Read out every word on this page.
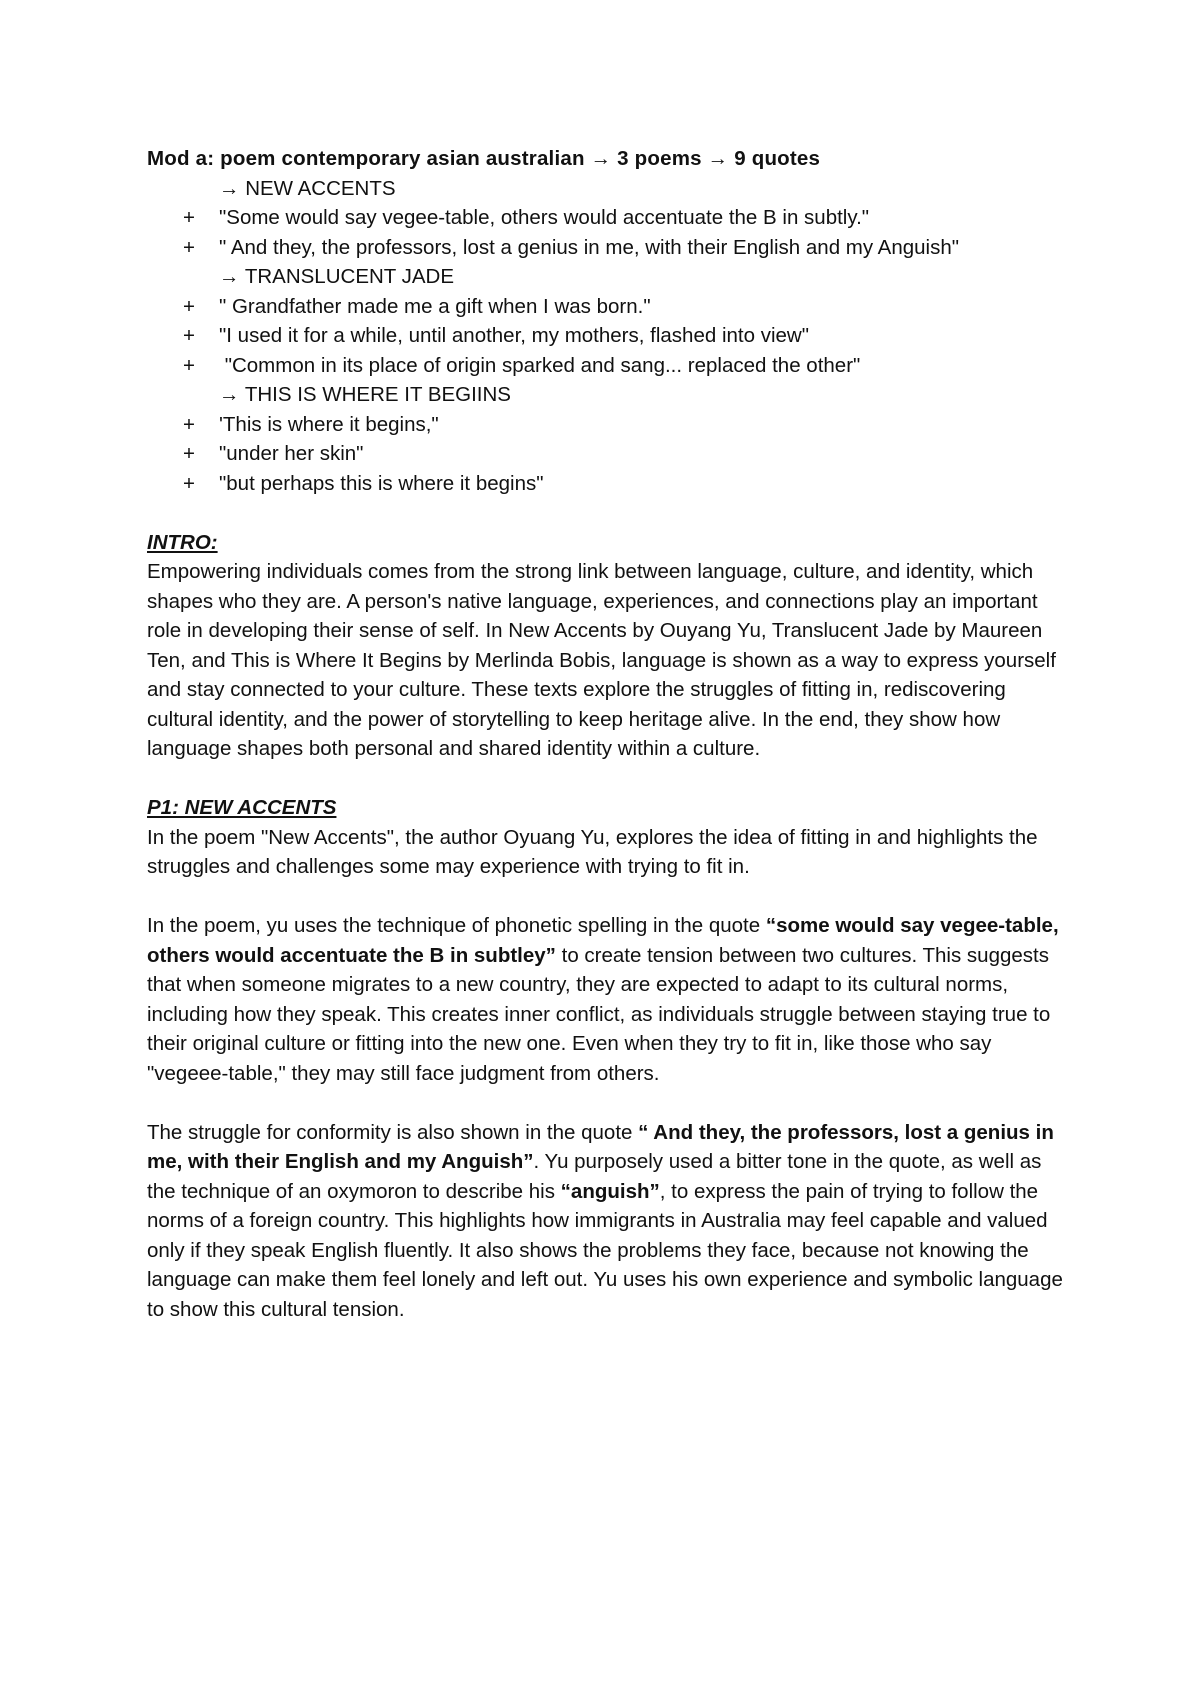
Mod a: poem contemporary asian australian → 3 poems → 9 quotes
→ NEW ACCENTS
+	"Some would say vegee-table, others would accentuate the B in subtly."
+	" And they, the professors, lost a genius in me, with their English and my Anguish"
→ TRANSLUCENT JADE
+	" Grandfather made me a gift when I was born."
+	"I used it for a while, until another, my mothers, flashed into view"
+	"Common in its place of origin sparked and sang... replaced the other"
→ THIS IS WHERE IT BEGIINS
+	'This is where it begins,"
+	"under her skin"
+	"but perhaps this is where it begins"
INTRO:

Empowering individuals comes from the strong link between language, culture, and identity, which shapes who they are. A person's native language, experiences, and connections play an important role in developing their sense of self. In New Accents by Ouyang Yu, Translucent Jade by Maureen Ten, and This is Where It Begins by Merlinda Bobis, language is shown as a way to express yourself and stay connected to your culture. These texts explore the struggles of fitting in, rediscovering cultural identity, and the power of storytelling to keep heritage alive. In the end, they show how language shapes both personal and shared identity within a culture.

P1: NEW ACCENTS

In the poem "New Accents", the author Oyuang Yu, explores the idea of fitting in and highlights the struggles and challenges some may experience with trying to fit in.

In the poem, yu uses the technique of phonetic spelling in the quote “some would say vegee-table, others would accentuate the B in subtley” to create tension between two cultures. This suggests that when someone migrates to a new country, they are expected to adapt to its cultural norms, including how they speak. This creates inner conflict, as individuals struggle between staying true to their original culture or fitting into the new one. Even when they try to fit in, like those who say "vegeee-table," they may still face judgment from others.

The struggle for conformity is also shown in the quote “ And they, the professors, lost a genius in me, with their English and my Anguish”. Yu purposely used a bitter tone in the quote, as well as the technique of an oxymoron to describe his “anguish”, to express the pain of trying to follow the norms of a foreign country. This highlights how immigrants in Australia may feel capable and valued only if they speak English fluently. It also shows the problems they face, because not knowing the language can make them feel lonely and left out. Yu uses his own experience and symbolic language to show this cultural tension.
